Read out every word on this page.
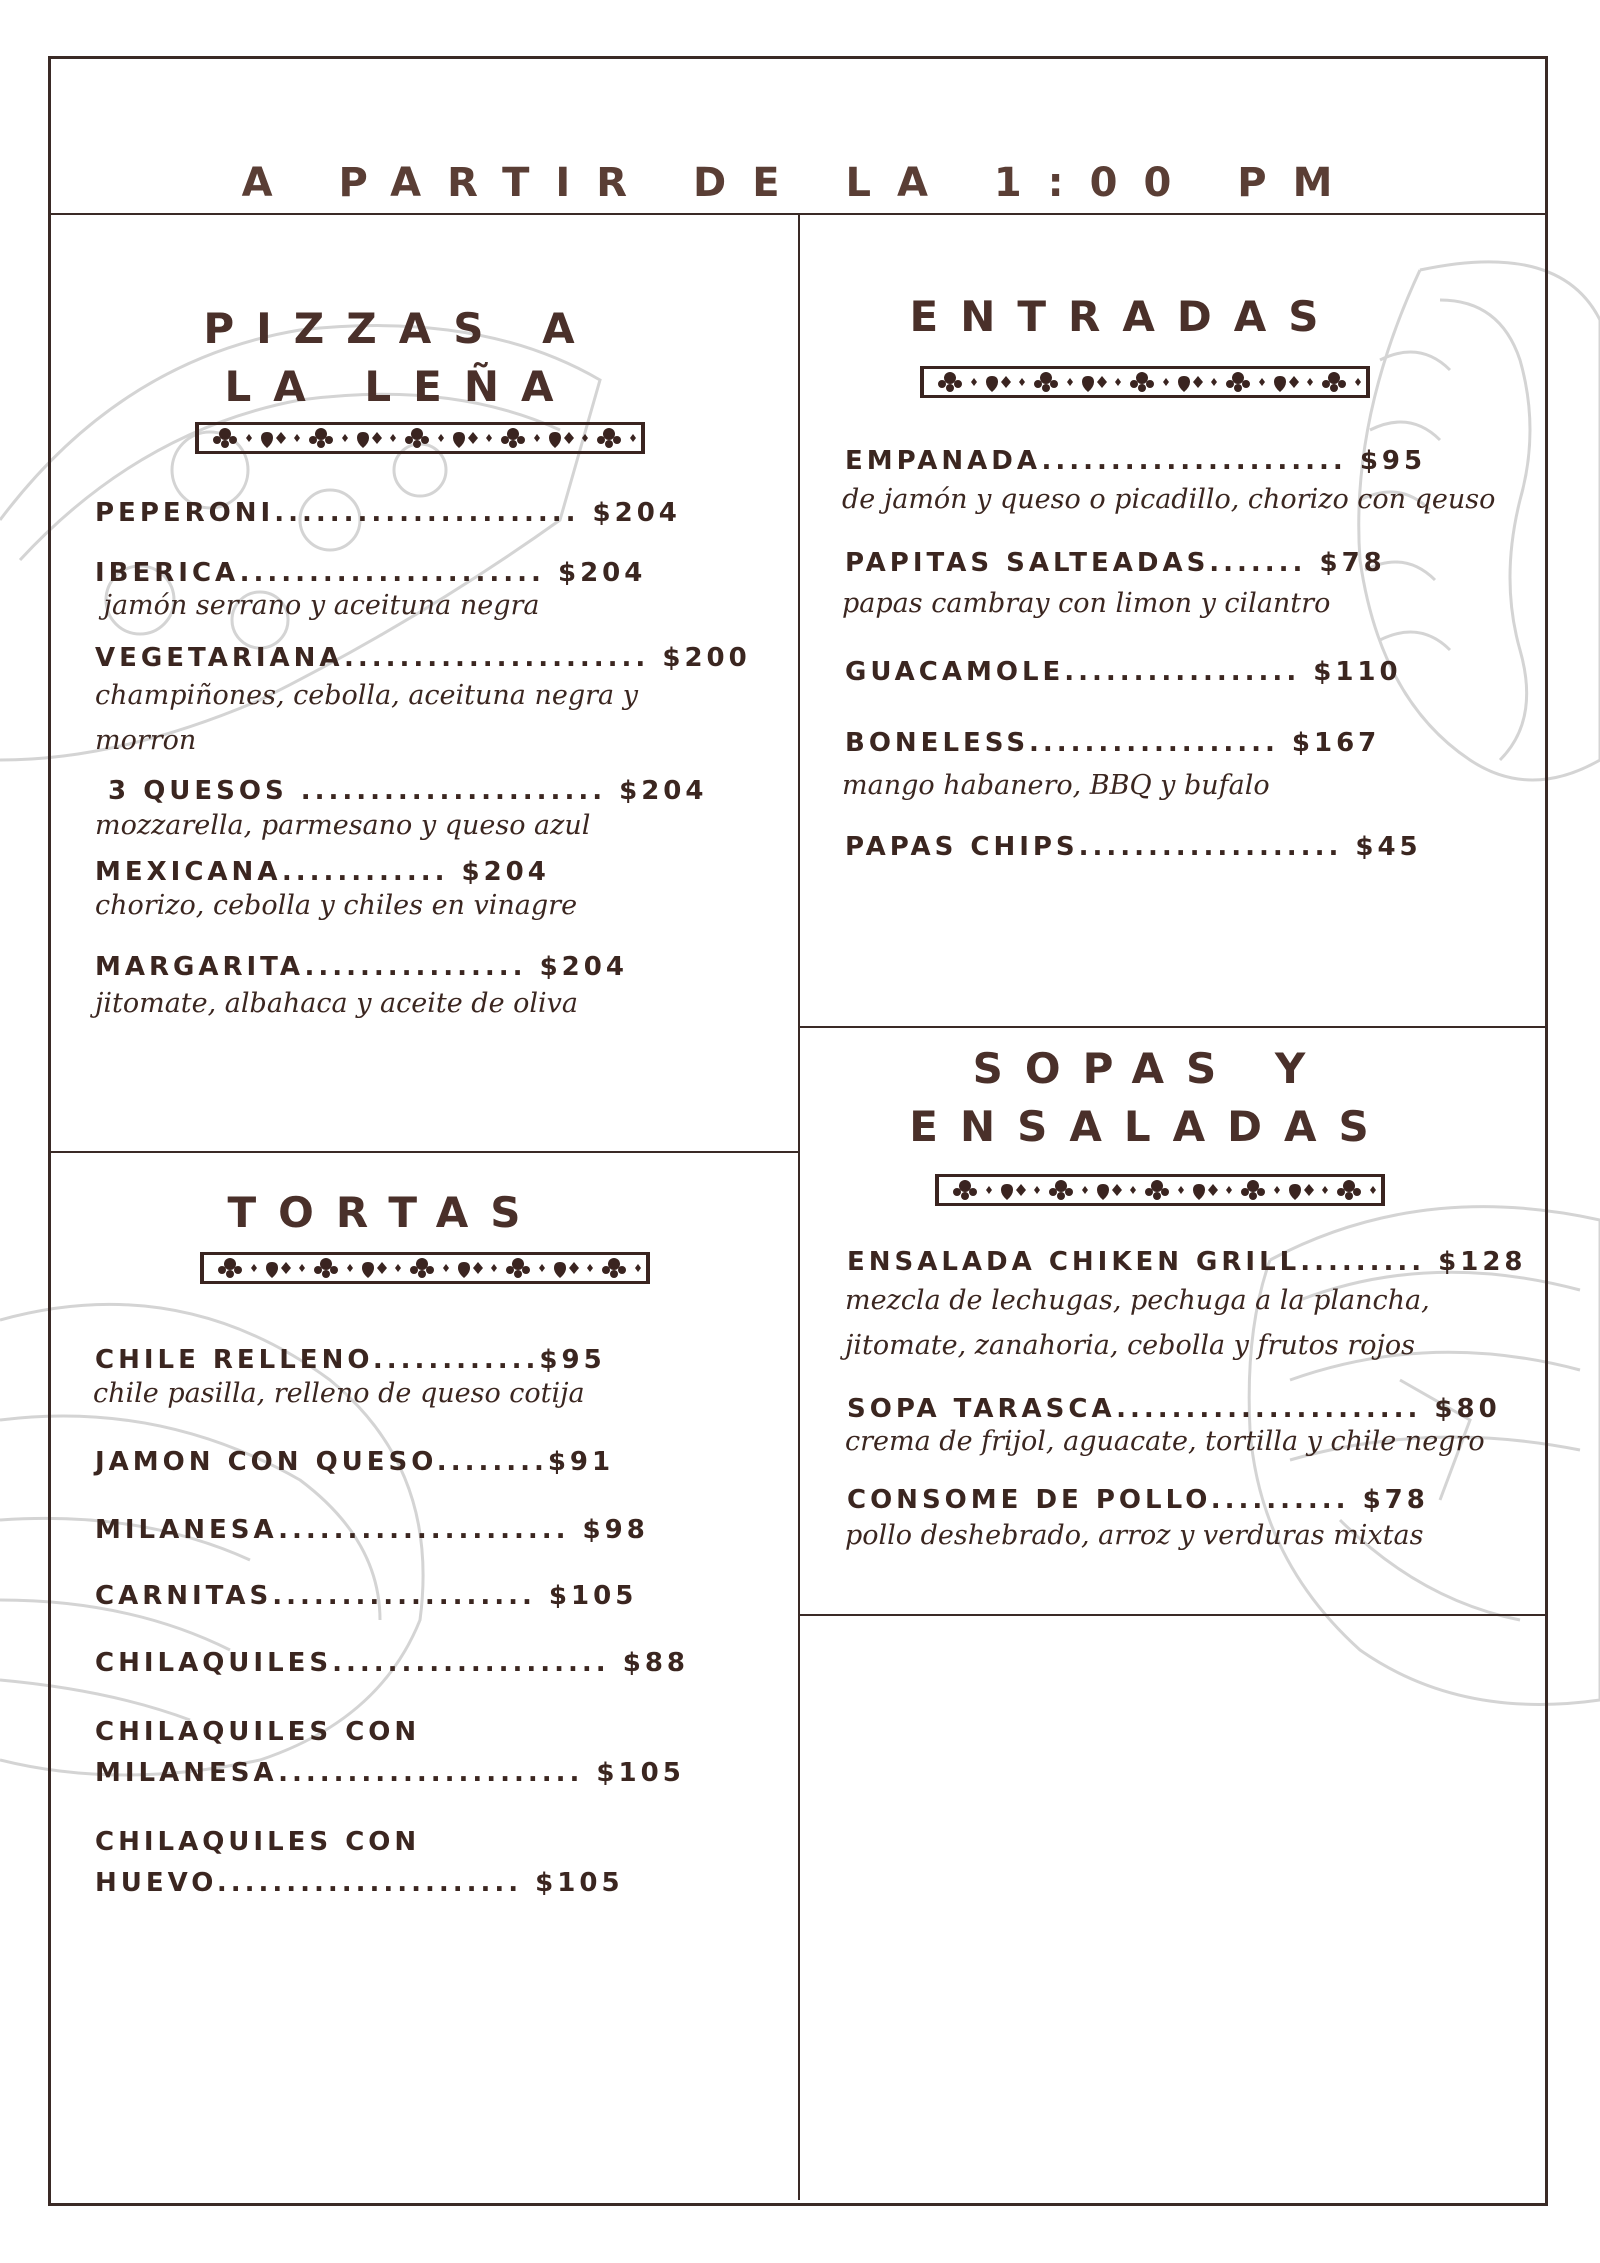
A PARTIR DE LA 1:00 PM
PIZZAS A
LA LEÑA
PEPERONI...................... $204
IBERICA...................... $204
jamón serrano y aceituna negra
VEGETARIANA...................... $200
champiñones, cebolla, aceituna negra y
morron
3 QUESOS ...................... $204
mozzarella, parmesano y queso azul
MEXICANA............ $204
chorizo, cebolla y chiles en vinagre
MARGARITA................ $204
jitomate, albahaca y aceite de oliva
ENTRADAS
EMPANADA...................... $95
de jamón y queso o picadillo, chorizo con qeuso
PAPITAS SALTEADAS....... $78
papas cambray con limon y cilantro
GUACAMOLE................. $110
BONELESS.................. $167
mango habanero, BBQ y bufalo
PAPAS CHIPS................... $45
TORTAS
CHILE RELLENO............$95
chile pasilla, relleno de queso cotija
JAMON CON QUESO........$91
MILANESA..................... $98
CARNITAS................... $105
CHILAQUILES.................... $88
CHILAQUILES CON
MILANESA...................... $105
CHILAQUILES CON
HUEVO...................... $105
SOPAS Y
ENSALADAS
ENSALADA CHIKEN GRILL......... $128
mezcla de lechugas, pechuga a la plancha,
jitomate, zanahoria, cebolla y frutos rojos
SOPA TARASCA...................... $80
crema de frijol, aguacate, tortilla y chile negro
CONSOME DE POLLO.......... $78
pollo deshebrado, arroz y verduras mixtas
